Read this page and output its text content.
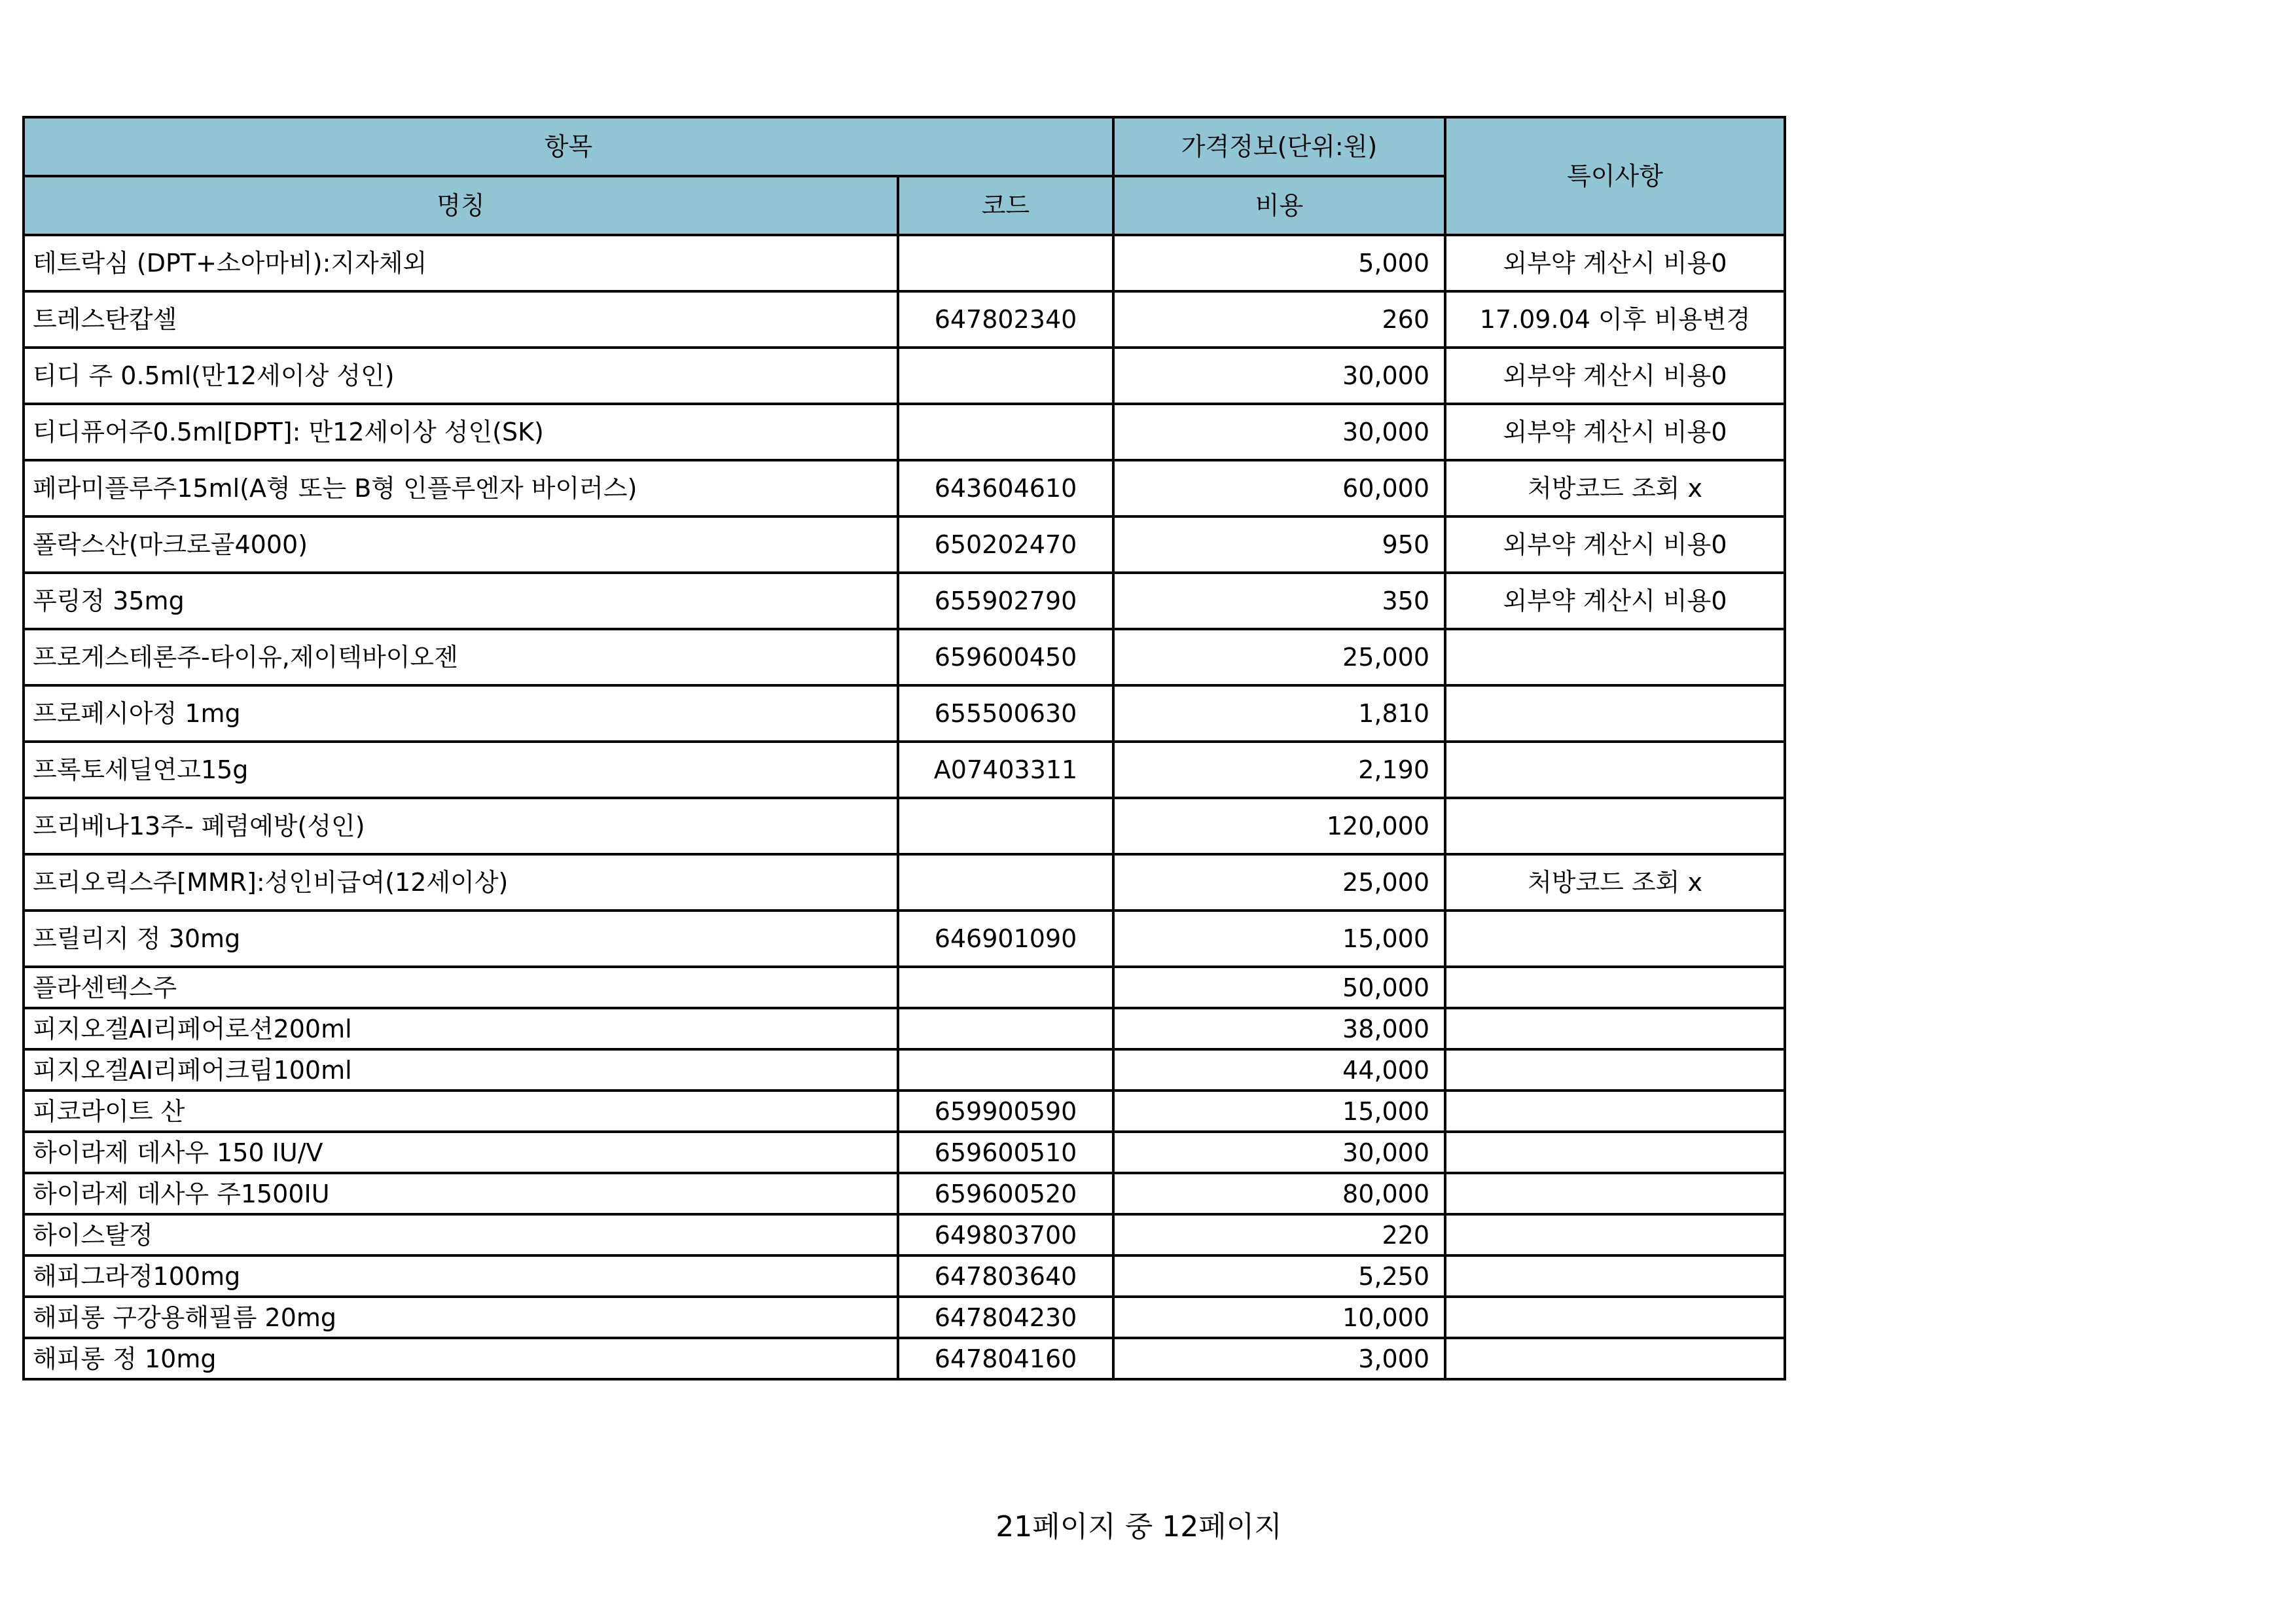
항목		가격정보(단위:원)	특이사항
명칭	코드	비용	
테트락심 (DPT+소아마비):지자체외		5,000	외부약 계산시 비용0
트레스탄캅셀	647802340	260	17.09.04 이후 비용변경
티디 주 0.5ml(만12세이상 성인)		30,000	외부약 계산시 비용0
티디퓨어주0.5ml[DPT]: 만12세이상 성인(SK)		30,000	외부약 계산시 비용0
페라미플루주15ml(A형 또는 B형 인플루엔자 바이러스)	643604610	60,000	처방코드 조회 x
폴락스산(마크로골4000)	650202470	950	외부약 계산시 비용0
푸링정 35mg	655902790	350	외부약 계산시 비용0
프로게스테론주-타이유,제이텍바이오젠	659600450	25,000	
프로페시아정 1mg	655500630	1,810	
프록토세딜연고15g	A07403311	2,190	
프리베나13주- 폐렴예방(성인)		120,000	
프리오릭스주[MMR]:성인비급여(12세이상)		25,000	처방코드 조회 x
프릴리지 정 30mg	646901090	15,000	
플라센텍스주		50,000	
피지오겔AI리페어로션200ml		38,000	
피지오겔AI리페어크림100ml		44,000	
피코라이트 산	659900590	15,000	
하이라제 데사우 150 IU/V	659600510	30,000	
하이라제 데사우 주1500IU	659600520	80,000	
하이스탈정	649803700	220	
해피그라정100mg	647803640	5,250	
해피롱 구강용해필름 20mg	647804230	10,000	
해피롱 정 10mg	647804160	3,000	
21페이지 중 12페이지
